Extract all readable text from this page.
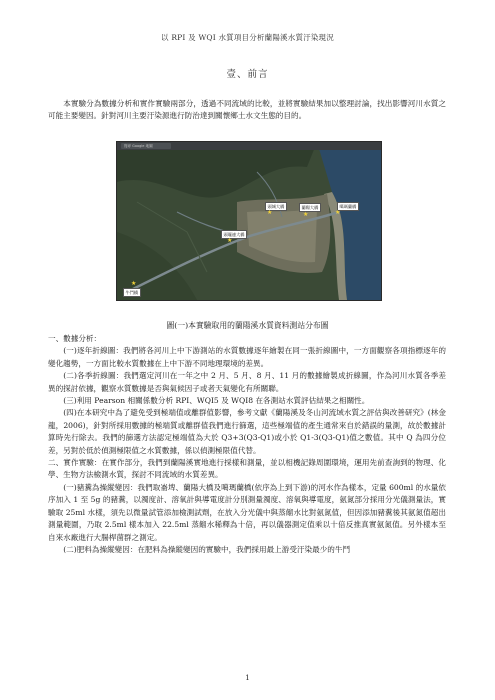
以 RPI 及 WQI 水質項目分析蘭陽溪水質汙染現況
壹、前言
本實驗分為數據分析和實作實驗兩部分，透過不同流域的比較，並將實驗結果加以整理討論，找出影響河川水質之可能主要變因。針對河川主要汙染源進行防治達到關懷鄉土水文生態的目的。
搜尋 Google 地圖
頭城大橋
★
蘭陽大橋
★
噶瑪蘭橋
★
頭瓏連大橋
★
牛鬥橋
★
圖(一)本實驗取用的蘭陽溪水質資料測站分布圖
一、數據分析：
(一)逐年折線圖：我們將各河川上中下游測站的水質數據逐年繪製在同一張折線圖中，一方面觀察各項指標逐年的變化趨勢，一方面比較水質數據在上中下游不同地理環境的差異。
(二)各季折線圖：我們選定河川在一年之中 2 月、5 月、8 月、11 月的數據繪製成折線圖，作為河川水質各季差異的探討依據，觀察水質數據是否與氣候因子或者天氣變化有所關聯。
(三)利用 Pearson 相關係數分析 RPI、WQI5 及 WQI8 在各測站水質評估結果之相關性。
(四)在本研究中為了避免受到極端值或離群值影響，參考文獻《蘭陽溪及冬山河流域水質之評估與改善研究》(林金龍，2006)，針對所採用數據的極端質或離群值我們進行篩選，這些極端值的產生通常來自於錯誤的量測，故於數據計算時先行除去。我們的篩選方法認定極端值為大於 Q3+3(Q3-Q1)或小於 Q1-3(Q3-Q1)值之數值。其中 Q 為四分位差，另對於低於偵測極限值之水質數據，係以偵測極限值代替。
二、實作實驗：在實作部分，我們到蘭陽溪實地進行採樣和測量，並以相機記錄周圍環境，運用先前查詢到的物理、化學、生物方法檢測水質，探討不同流域的水質差異。
(一)豬糞為操縱變因：我們取崙埤、蘭陽大橋及噶瑪蘭橋(依序為上到下游)的河水作為樣本，定量 600ml 的水量依序加入 1 至 5g 的豬糞，以濁度計、溶氧計與導電度計分別測量濁度、溶氧與導電度，氨氮部分採用分光儀測量法，實驗取 25ml 水樣，須先以微量試管添加檢測試劑，在放入分光儀中與蒸餾水比對氨氮值，但因添加豬糞後其氨氮值超出測量範圍，乃取 2.5ml 樣本加入 22.5ml 蒸餾水稀釋為十倍，再以儀器測定值乘以十倍反推真實氨氮值。另外樣本至自來水廠進行大腸桿菌群之測定。
(二)肥料為操縱變因：在肥料為操縱變因的實驗中，我們採用最上游受汙染最少的牛鬥
1
